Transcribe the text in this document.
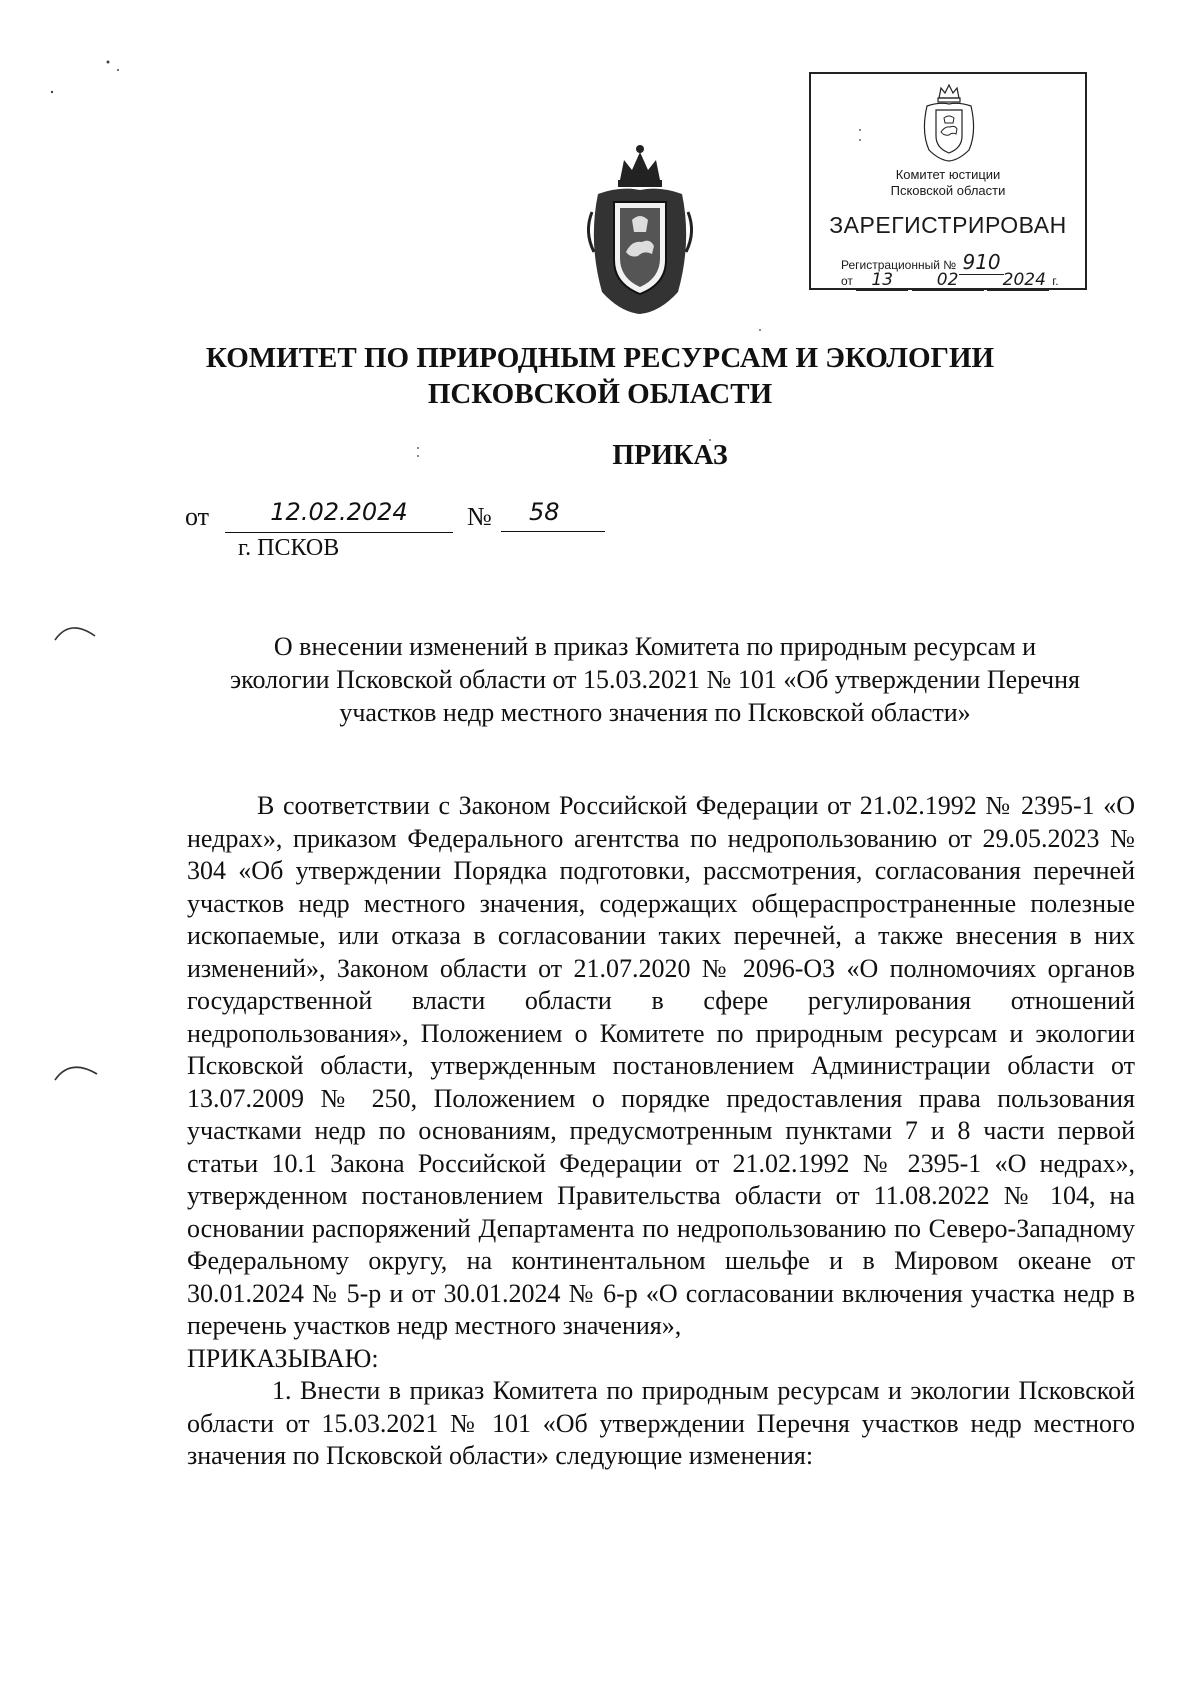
Комитет юстиции
Псковской области
ЗАРЕГИСТРИРОВАН
Регистрационный № 910
от 13	02	2024 г.
КОМИТЕТ ПО ПРИРОДНЫМ РЕСУРСАМ И ЭКОЛОГИИ
ПСКОВСКОЙ ОБЛАСТИ
ПРИКАЗ
от	12.02.2024	№	58
г. ПСКОВ
О внесении изменений в приказ Комитета по природным ресурсам и
экологии Псковской области от 15.03.2021 № 101 «Об утверждении Перечня
участков недр местного значения по Псковской области»

В соответствии с Законом Российской Федерации от 21.02.1992 № 2395-1 «О недрах», приказом Федерального агентства по недропользованию от 29.05.2023 № 304 «Об утверждении Порядка подготовки, рассмотрения, согласования перечней участков недр местного значения, содержащих общераспространенные полезные ископаемые, или отказа в согласовании таких перечней, а также внесения в них изменений», Законом области от 21.07.2020 № 2096-ОЗ «О полномочиях органов государственной власти области в сфере регулирования отношений недропользования», Положением о Комитете по природным ресурсам и экологии Псковской области, утвержденным постановлением Администрации области от 13.07.2009 № 250, Положением о порядке предоставления права пользования участками недр по основаниям, предусмотренным пунктами 7 и 8 части первой статьи 10.1 Закона Российской Федерации от 21.02.1992 № 2395-1 «О недрах», утвержденном постановлением Правительства области от 11.08.2022 № 104, на основании распоряжений Департамента по недропользованию по Северо-Западному Федеральному округу, на континентальном шельфе и в Мировом океане от 30.01.2024 № 5-р и от 30.01.2024 № 6-р «О согласовании включения участка недр в перечень участков недр местного значения»,

ПРИКАЗЫВАЮ:

1. Внести в приказ Комитета по природным ресурсам и экологии Псковской области от 15.03.2021 № 101 «Об утверждении Перечня участков недр местного значения по Псковской области» следующие изменения:
